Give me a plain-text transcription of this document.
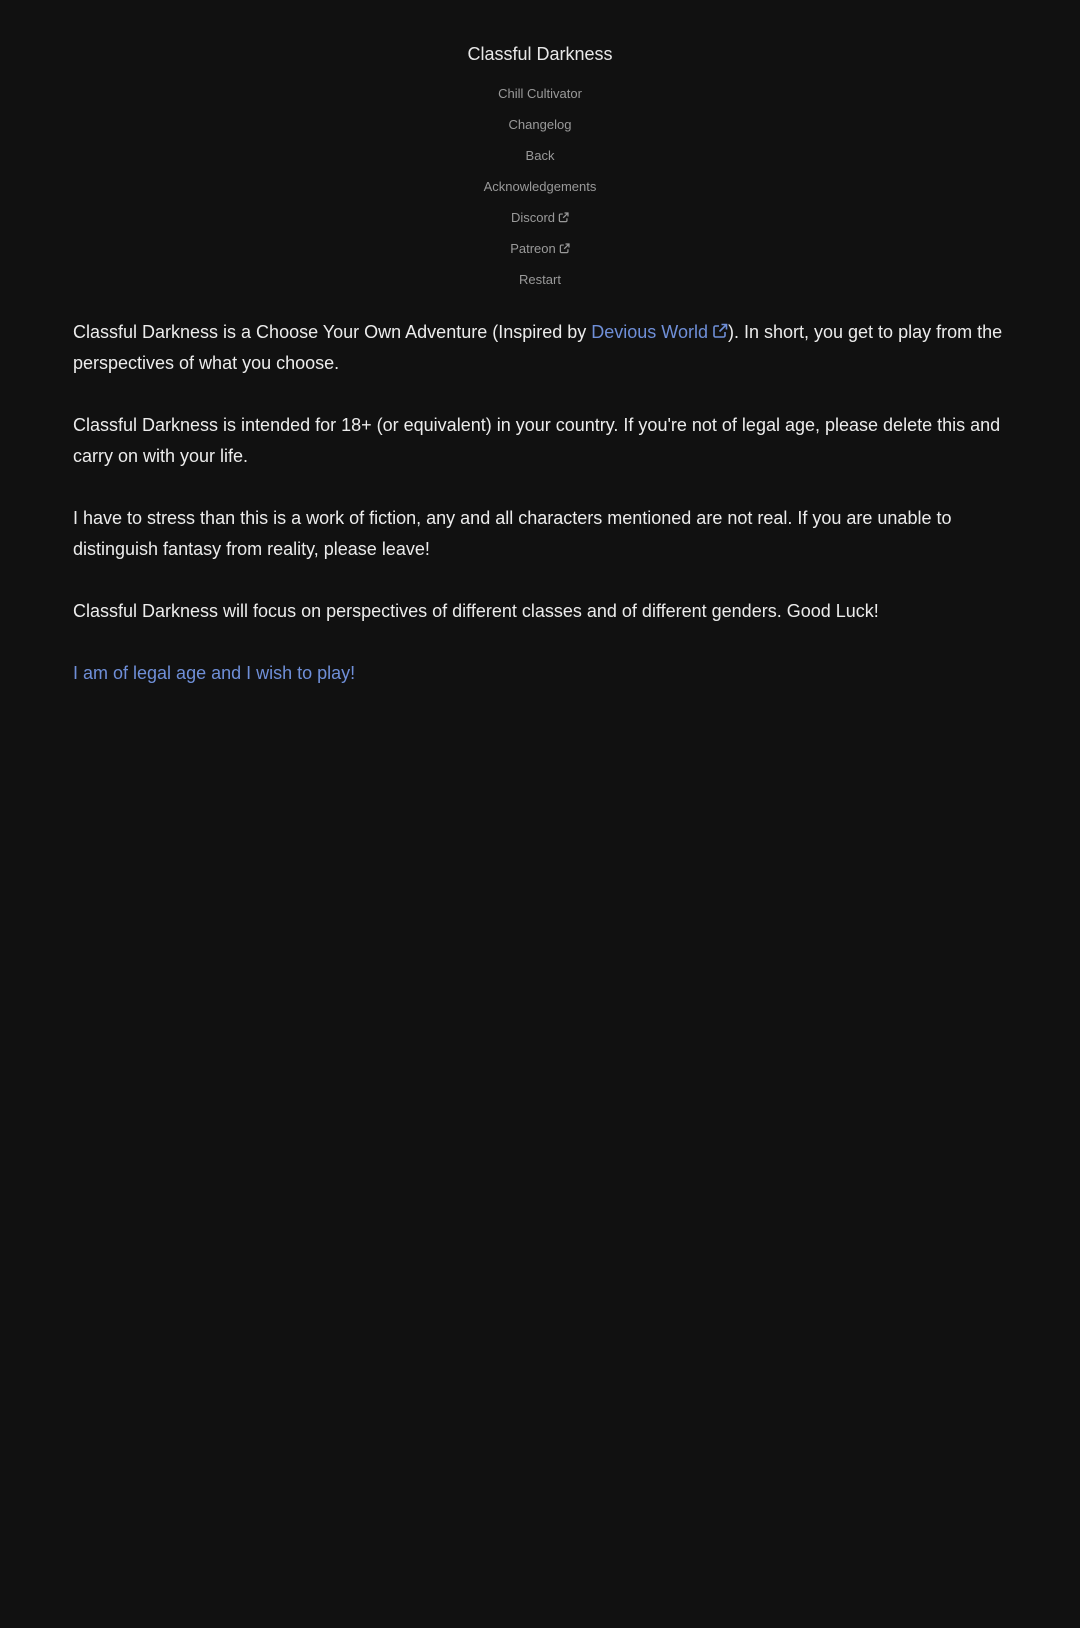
Classful Darkness
Chill Cultivator
Changelog
Back
Acknowledgements
Discord
Patreon
Restart

Classful Darkness is a Choose Your Own Adventure (Inspired by Devious World ). In short, you get to play from the perspectives of what you choose.

Classful Darkness is intended for 18+ (or equivalent) in your country. If you're not of legal age, please delete this and carry on with your life.

I have to stress than this is a work of fiction, any and all characters mentioned are not real. If you are unable to distinguish fantasy from reality, please leave!

Classful Darkness will focus on perspectives of different classes and of different genders. Good Luck!

I am of legal age and I wish to play!
